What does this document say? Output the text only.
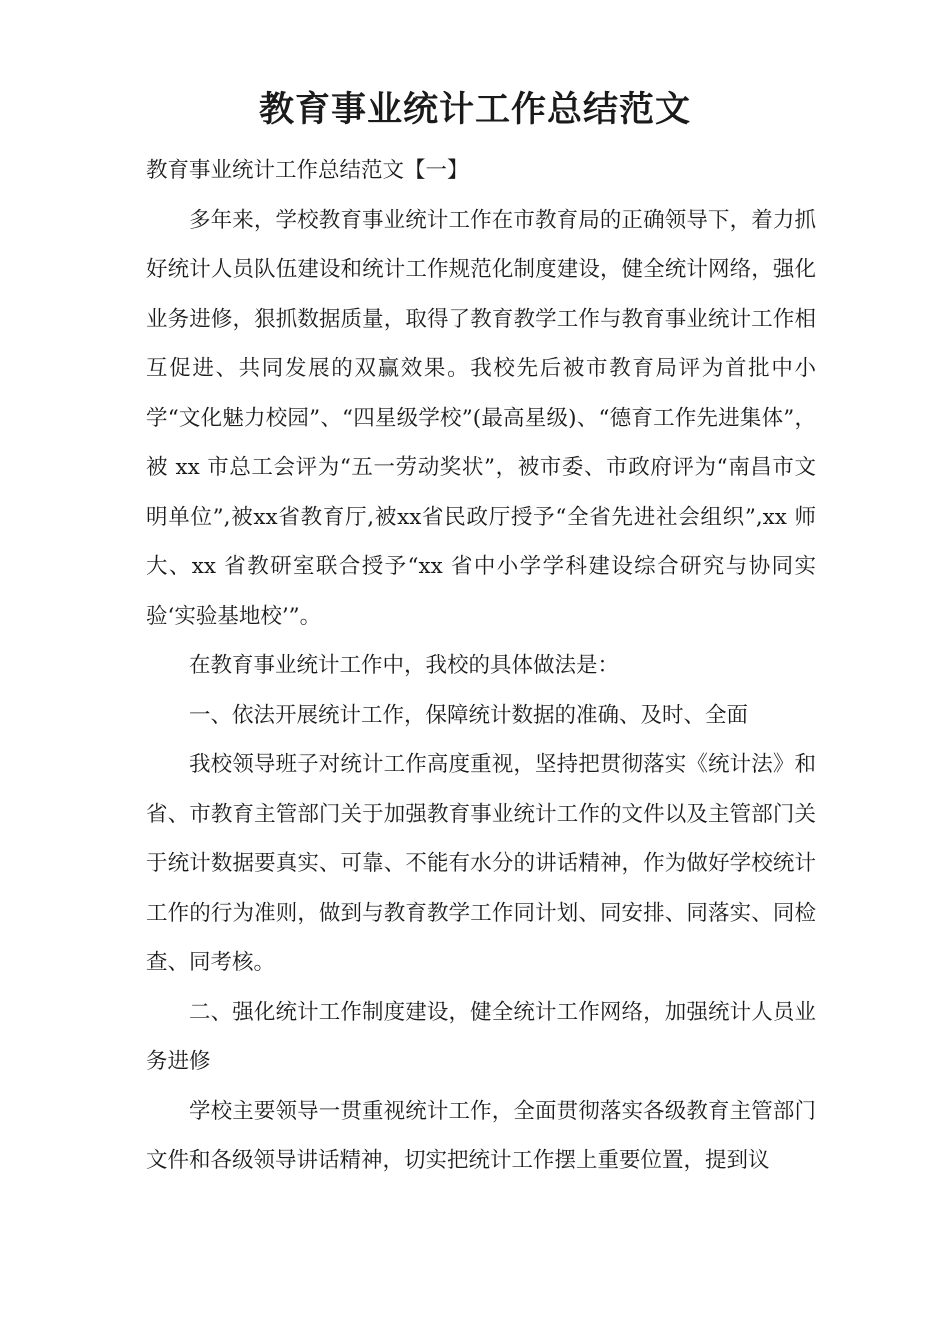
教育事业统计工作总结范文

教育事业统计工作总结范文【一】

多年来，学校教育事业统计工作在市教育局的正确领导下，着力抓好统计人员队伍建设和统计工作规范化制度建设，健全统计网络，强化业务进修，狠抓数据质量，取得了教育教学工作与教育事业统计工作相互促进、共同发展的双赢效果。我校先后被市教育局评为首批中小学“文化魅力校园”、“四星级学校”(最高星级)、“德育工作先进集体”，被 xx 市总工会评为“五一劳动奖状”，被市委、市政府评为“南昌市文明单位”,被xx省教育厅,被xx省民政厅授予“全省先进社会组织”,xx 师大、xx 省教研室联合授予“xx 省中小学学科建设综合研究与协同实验‘实验基地校’”。

在教育事业统计工作中，我校的具体做法是：

一、依法开展统计工作，保障统计数据的准确、及时、全面

我校领导班子对统计工作高度重视，坚持把贯彻落实《统计法》和省、市教育主管部门关于加强教育事业统计工作的文件以及主管部门关于统计数据要真实、可靠、不能有水分的讲话精神，作为做好学校统计工作的行为准则，做到与教育教学工作同计划、同安排、同落实、同检查、同考核。

二、强化统计工作制度建设，健全统计工作网络，加强统计人员业务进修

学校主要领导一贯重视统计工作，全面贯彻落实各级教育主管部门文件和各级领导讲话精神，切实把统计工作摆上重要位置，提到议
